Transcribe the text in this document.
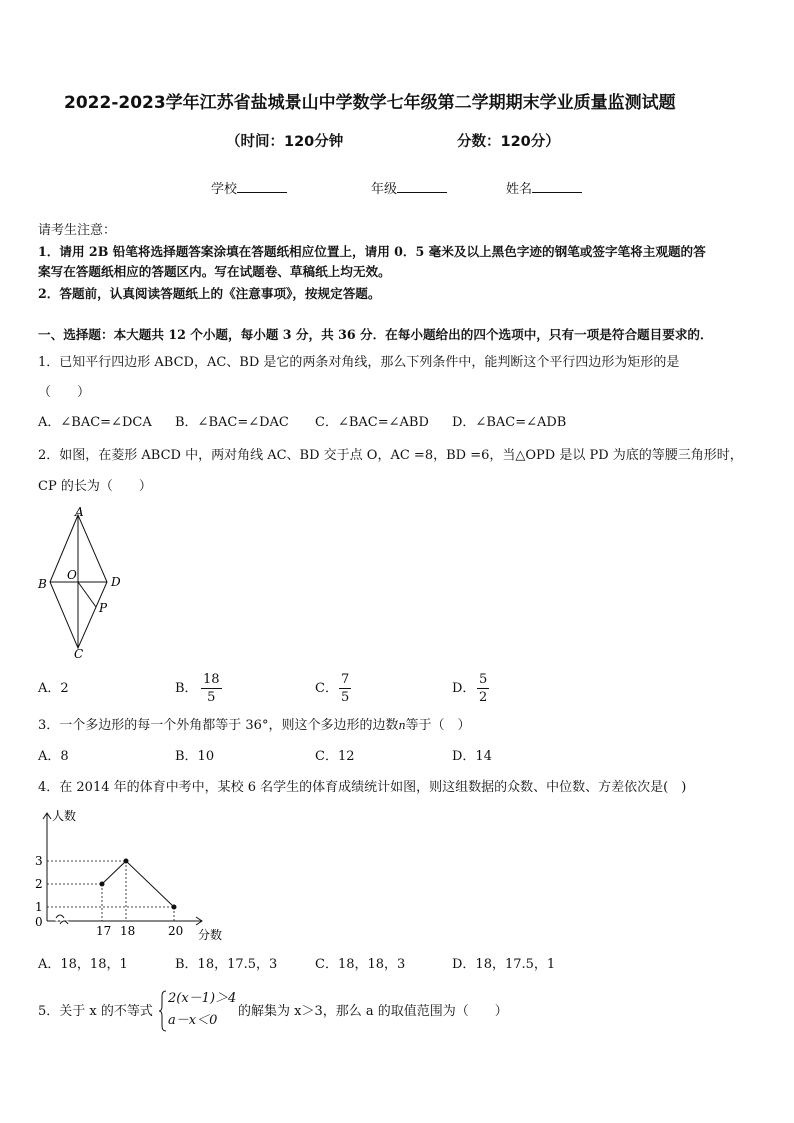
2022-2023学年江苏省盐城景山中学数学七年级第二学期期末学业质量监测试题
（时间：120分钟	分数：120分）
学校	年级	姓名
请考生注意：
1．请用 2B 铅笔将选择题答案涂填在答题纸相应位置上，请用 0．5 毫米及以上黑色字迹的钢笔或签字笔将主观题的答
案写在答题纸相应的答题区内。写在试题卷、草稿纸上均无效。
2．答题前，认真阅读答题纸上的《注意事项》，按规定答题。
一、选择题：本大题共 12 个小题，每小题 3 分，共 36 分．在每小题给出的四个选项中，只有一项是符合题目要求的．
1．已知平行四边形 ABCD，AC、BD 是它的两条对角线，那么下列条件中，能判断这个平行四边形为矩形的是
（　　）
A．∠BAC=∠DCA B．∠BAC=∠DAC C．∠BAC=∠ABD D．∠BAC=∠ADB
2．如图，在菱形 ABCD 中，两对角线 AC、BD 交于点 O，AC =8，BD =6，当△OPD 是以 PD 为底的等腰三角形时，
CP 的长为（　　）
A
B
O	D
P
C
A．2	B． $\frac{18}{5}$	C． $\frac{7}{5}$	D． $\frac{5}{2}$
3．一个多边形的每一个外角都等于 36°，则这个多边形的边数n等于（　）
A．8	B．10	C．12	D．14
4．在 2014 年的体育中考中，某校 6 名学生的体育成绩统计如图，则这组数据的众数、中位数、方差依次是(　)
17 18	20
0
1
2
3
人数
分数
A．18，18，1	B．18，17.5，3	C．18，18，3	D．18，17.5，1
5．关于 x 的不等式
2(x－1)＞4
a－x＜0
的解集为 x＞3，那么 a 的取值范围为（　　）
